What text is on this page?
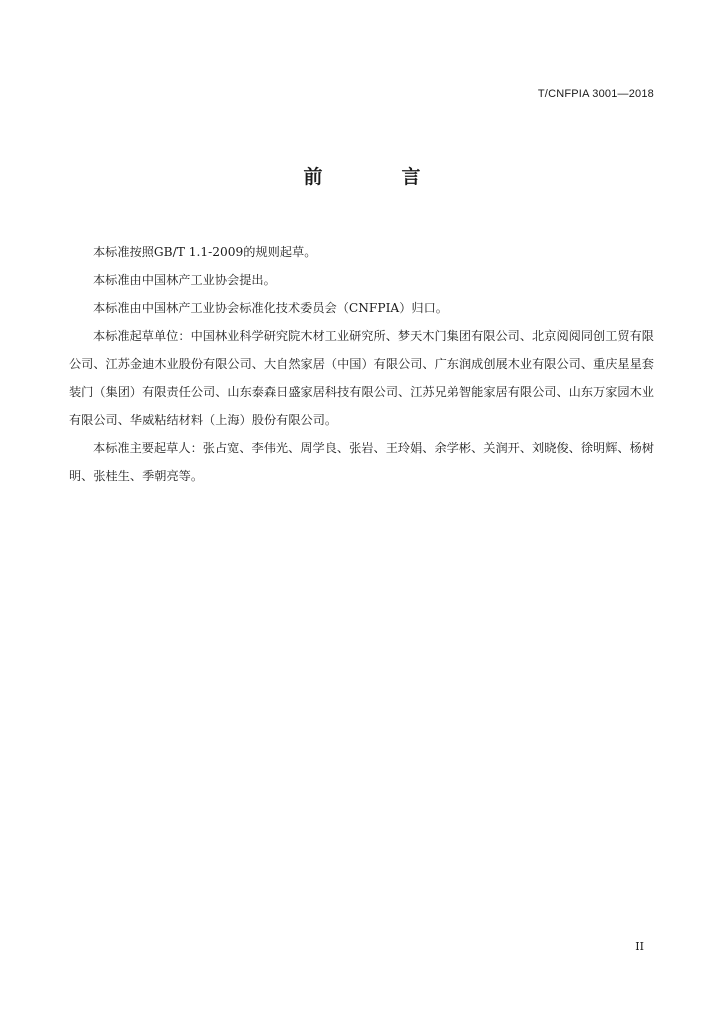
T/CNFPIA 3001—2018
前　言

本标准按照GB/T 1.1-2009的规则起草。

本标准由中国林产工业协会提出。

本标准由中国林产工业协会标准化技术委员会（CNFPIA）归口。

本标准起草单位：中国林业科学研究院木材工业研究所、梦天木门集团有限公司、北京阅阅同创工贸有限公司、江苏金迪木业股份有限公司、大自然家居（中国）有限公司、广东润成创展木业有限公司、重庆星星套装门（集团）有限责任公司、山东泰森日盛家居科技有限公司、江苏兄弟智能家居有限公司、山东万家园木业有限公司、华威粘结材料（上海）股份有限公司。

本标准主要起草人：张占宽、李伟光、周学良、张岩、王玲娟、余学彬、关润开、刘晓俊、徐明辉、杨树明、张桂生、季朝亮等。

II
